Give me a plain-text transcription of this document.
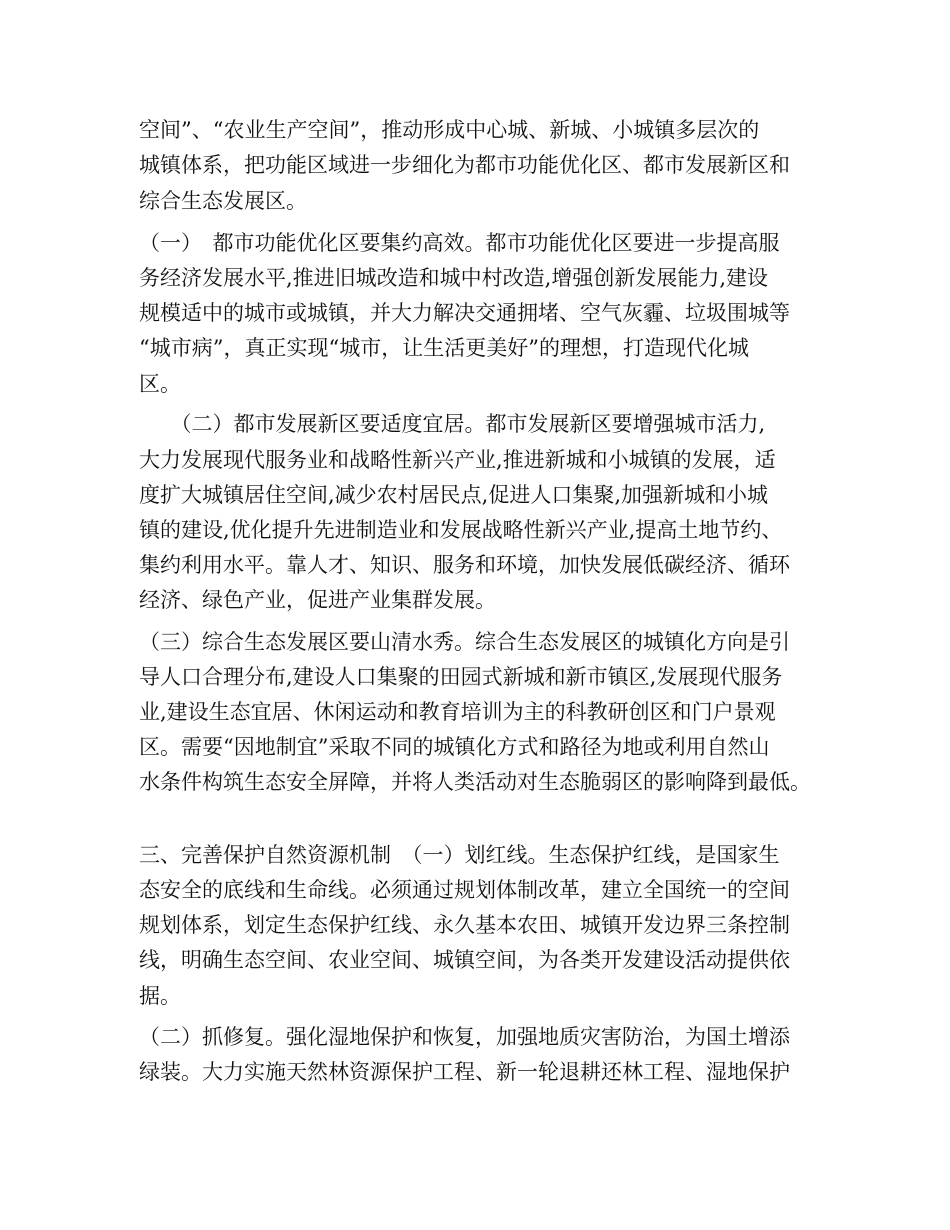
空间”、“农业生产空间”，推动形成中心城、新城、小城镇多层次的
城镇体系，把功能区域进一步细化为都市功能优化区、都市发展新区和
综合生态发展区。
（一）　都市功能优化区要集约高效。都市功能优化区要进一步提高服
务经济发展水平,推进旧城改造和城中村改造,增强创新发展能力,建设
规模适中的城市或城镇，并大力解决交通拥堵、空气灰霾、垃圾围城等
“城市病”，真正实现“城市，让生活更美好”的理想，打造现代化城
区。
　　（二）都市发展新区要适度宜居。都市发展新区要增强城市活力,
大力发展现代服务业和战略性新兴产业,推进新城和小城镇的发展，适
度扩大城镇居住空间,减少农村居民点,促进人口集聚,加强新城和小城
镇的建设,优化提升先进制造业和发展战略性新兴产业,提高土地节约、
集约利用水平。靠人才、知识、服务和环境，加快发展低碳经济、循环
经济、绿色产业，促进产业集群发展。
（三）综合生态发展区要山清水秀。综合生态发展区的城镇化方向是引
导人口合理分布,建设人口集聚的田园式新城和新市镇区,发展现代服务
业,建设生态宜居、休闲运动和教育培训为主的科教研创区和门户景观
区。需要“因地制宜”采取不同的城镇化方式和路径为地或利用自然山
水条件构筑生态安全屏障，并将人类活动对生态脆弱区的影响降到最低。
三、完善保护自然资源机制　（一）划红线。生态保护红线，是国家生
态安全的底线和生命线。必须通过规划体制改革，建立全国统一的空间
规划体系，划定生态保护红线、永久基本农田、城镇开发边界三条控制
线，明确生态空间、农业空间、城镇空间，为各类开发建设活动提供依
据。
（二）抓修复。强化湿地保护和恢复，加强地质灾害防治，为国土增添
绿装。大力实施天然林资源保护工程、新一轮退耕还林工程、湿地保护
